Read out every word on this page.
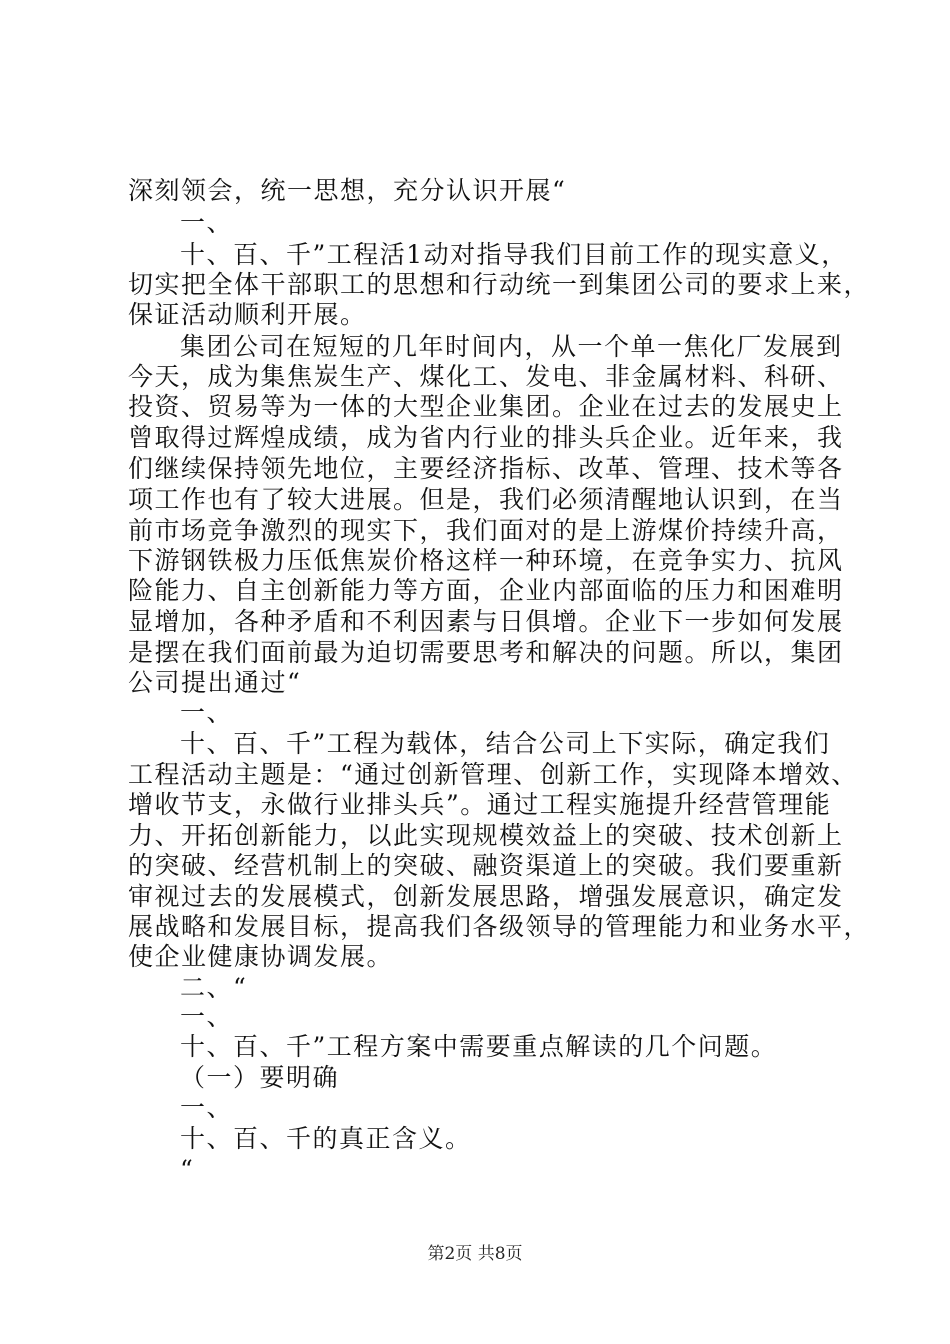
深刻领会，统一思想，充分认识开展“
一、
十、百、千”工程活1动对指导我们目前工作的现实意义，
切实把全体干部职工的思想和行动统一到集团公司的要求上来，
保证活动顺利开展。
集团公司在短短的几年时间内，从一个单一焦化厂发展到
今天，成为集焦炭生产、煤化工、发电、非金属材料、科研、
投资、贸易等为一体的大型企业集团。企业在过去的发展史上
曾取得过辉煌成绩，成为省内行业的排头兵企业。近年来，我
们继续保持领先地位，主要经济指标、改革、管理、技术等各
项工作也有了较大进展。但是，我们必须清醒地认识到，在当
前市场竞争激烈的现实下，我们面对的是上游煤价持续升高，
下游钢铁极力压低焦炭价格这样一种环境，在竞争实力、抗风
险能力、自主创新能力等方面，企业内部面临的压力和困难明
显增加，各种矛盾和不利因素与日俱增。企业下一步如何发展
是摆在我们面前最为迫切需要思考和解决的问题。所以，集团
公司提出通过“
一、
十、百、千”工程为载体，结合公司上下实际，确定我们
工程活动主题是：“通过创新管理、创新工作，实现降本增效、
增收节支，永做行业排头兵”。通过工程实施提升经营管理能
力、开拓创新能力，以此实现规模效益上的突破、技术创新上
的突破、经营机制上的突破、融资渠道上的突破。我们要重新
审视过去的发展模式，创新发展思路，增强发展意识，确定发
展战略和发展目标，提高我们各级领导的管理能力和业务水平，
使企业健康协调发展。
二、“
一、
十、百、千”工程方案中需要重点解读的几个问题。
（一）要明确
一、
十、百、千的真正含义。
“
第2页 共8页
